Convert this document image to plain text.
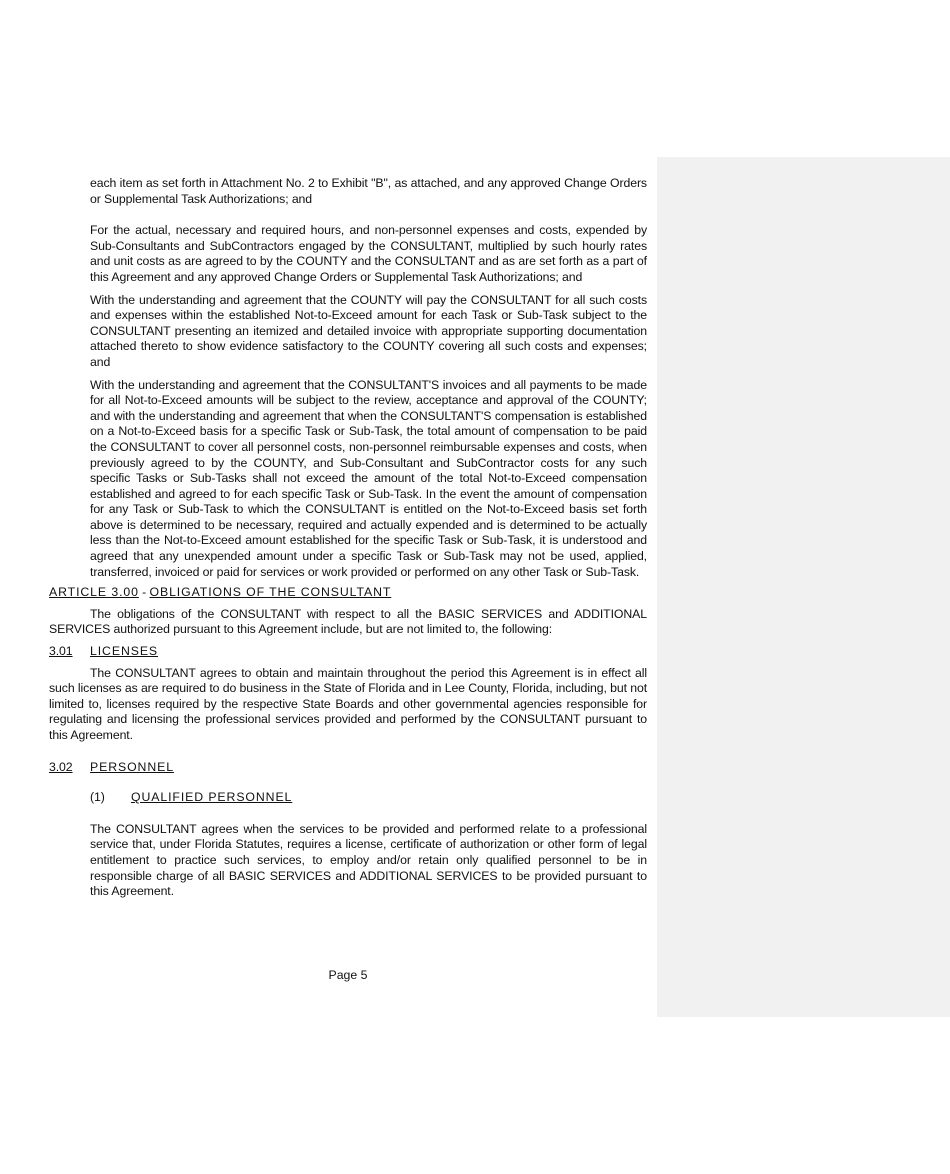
each item as set forth in Attachment No. 2 to Exhibit "B", as attached, and any approved Change Orders or Supplemental Task Authorizations; and

For the actual, necessary and required hours, and non-personnel expenses and costs, expended by Sub-Consultants and SubContractors engaged by the CONSULTANT, multiplied by such hourly rates and unit costs as are agreed to by the COUNTY and the CONSULTANT and as are set forth as a part of this Agreement and any approved Change Orders or Supplemental Task Authorizations; and

With the understanding and agreement that the COUNTY will pay the CONSULTANT for all such costs and expenses within the established Not-to-Exceed amount for each Task or Sub-Task subject to the CONSULTANT presenting an itemized and detailed invoice with appropriate supporting documentation attached thereto to show evidence satisfactory to the COUNTY covering all such costs and expenses; and

With the understanding and agreement that the CONSULTANT'S invoices and all payments to be made for all Not-to-Exceed amounts will be subject to the review, acceptance and approval of the COUNTY; and with the understanding and agreement that when the CONSULTANT'S compensation is established on a Not-to-Exceed basis for a specific Task or Sub-Task, the total amount of compensation to be paid the CONSULTANT to cover all personnel costs, non-personnel reimbursable expenses and costs, when previously agreed to by the COUNTY, and Sub-Consultant and SubContractor costs for any such specific Tasks or Sub-Tasks shall not exceed the amount of the total Not-to-Exceed compensation established and agreed to for each specific Task or Sub-Task. In the event the amount of compensation for any Task or Sub-Task to which the CONSULTANT is entitled on the Not-to-Exceed basis set forth above is determined to be necessary, required and actually expended and is determined to be actually less than the Not-to-Exceed amount established for the specific Task or Sub-Task, it is understood and agreed that any unexpended amount under a specific Task or Sub-Task may not be used, applied, transferred, invoiced or paid for services or work provided or performed on any other Task or Sub-Task.

ARTICLE 3.00 - OBLIGATIONS OF THE CONSULTANT

The obligations of the CONSULTANT with respect to all the BASIC SERVICES and ADDITIONAL SERVICES authorized pursuant to this Agreement include, but are not limited to, the following:

3.01 LICENSES

The CONSULTANT agrees to obtain and maintain throughout the period this Agreement is in effect all such licenses as are required to do business in the State of Florida and in Lee County, Florida, including, but not limited to, licenses required by the respective State Boards and other governmental agencies responsible for regulating and licensing the professional services provided and performed by the CONSULTANT pursuant to this Agreement.

3.02 PERSONNEL

(1) QUALIFIED PERSONNEL

The CONSULTANT agrees when the services to be provided and performed relate to a professional service that, under Florida Statutes, requires a license, certificate of authorization or other form of legal entitlement to practice such services, to employ and/or retain only qualified personnel to be in responsible charge of all BASIC SERVICES and ADDITIONAL SERVICES to be provided pursuant to this Agreement.

Page 5
